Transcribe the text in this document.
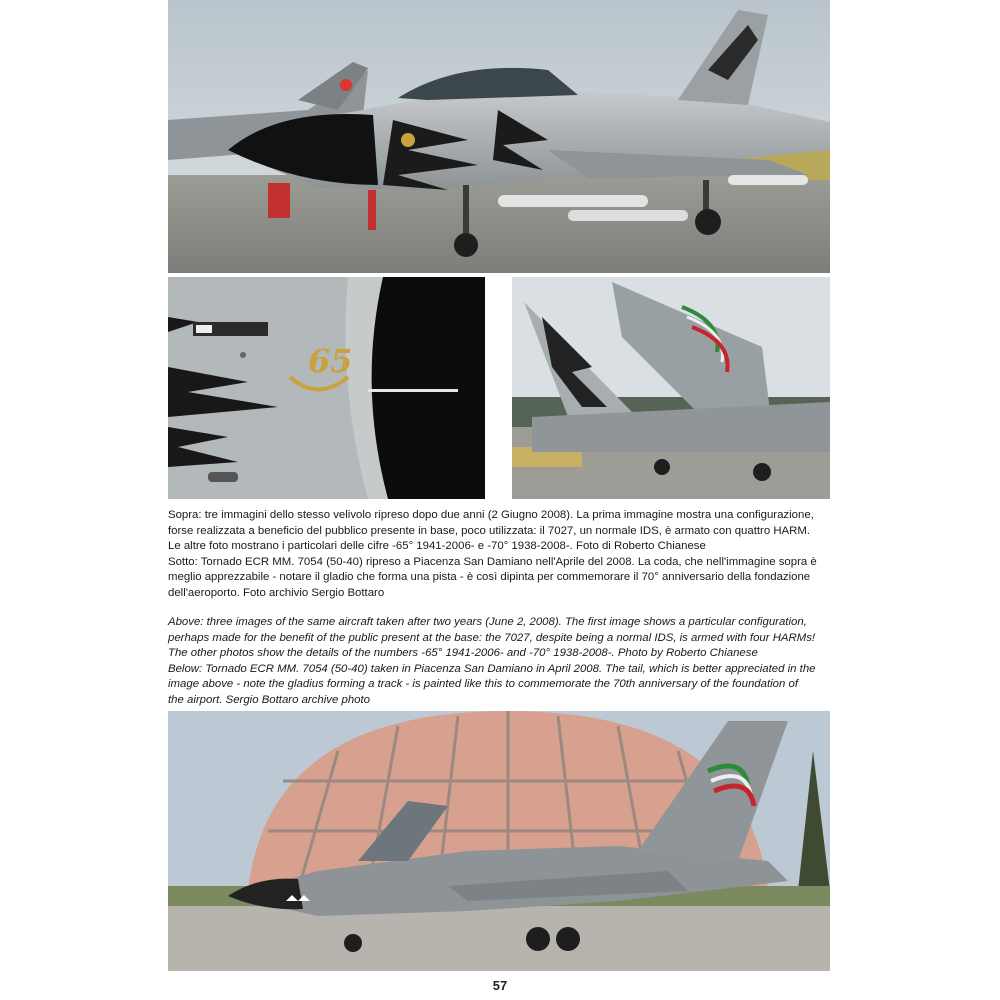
65

Sopra: tre immagini dello stesso velivolo ripreso dopo due anni (2 Giugno 2008). La prima immagine mostra una configurazione,

forse realizzata a beneficio del pubblico presente in base, poco utilizzata: il 7027, un normale IDS, è armato con quattro HARM.

Le altre foto mostrano i particolari delle cifre -65° 1941-2006- e -70° 1938-2008-. Foto di Roberto Chianese

Sotto: Tornado ECR MM. 7054 (50-40) ripreso a Piacenza San Damiano nell'Aprile del 2008. La coda, che nell'immagine sopra è

meglio apprezzabile - notare il gladio che forma una pista - è così dipinta per commemorare il 70° anniversario della fondazione

dell'aeroporto. Foto archivio Sergio Bottaro

Above: three images of the same aircraft taken after two years (June 2, 2008). The first image shows a particular configuration,

perhaps made for the benefit of the public present at the base: the 7027, despite being a normal IDS, is armed with four HARMs!

The other photos show the details of the numbers -65° 1941-2006- and -70° 1938-2008-. Photo by Roberto Chianese

Below: Tornado ECR MM. 7054 (50-40) taken in Piacenza San Damiano in April 2008. The tail, which is better appreciated in the

image above - note the gladius forming a track - is painted like this to commemorate the 70th anniversary of the foundation of

the airport. Sergio Bottaro archive photo

57
